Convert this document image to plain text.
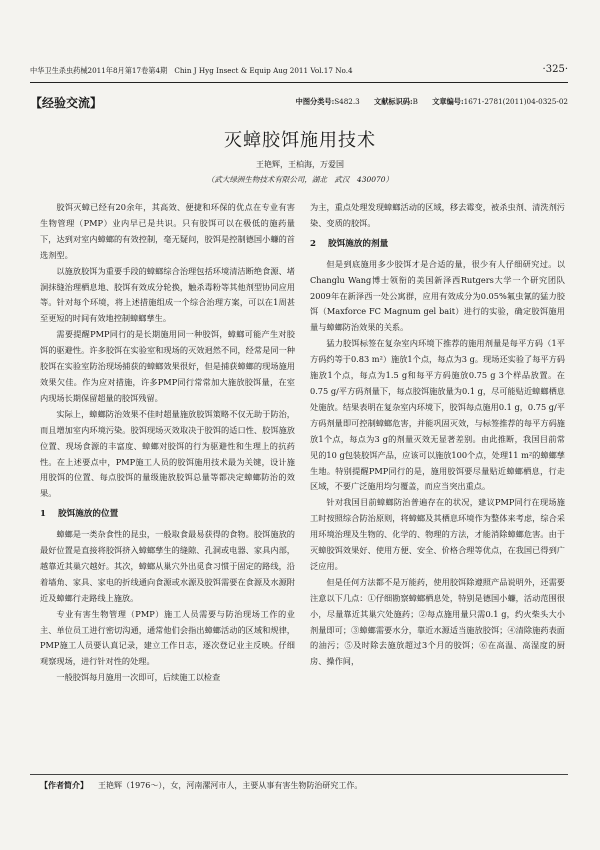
中华卫生杀虫药械2011年8月第17卷第4期　Chin J Hyg Insect & Equip Aug 2011 Vol.17 No.4	·325·
【经验交流】	中图分类号:S482.3 文献标识码:B 文章编号:1671-2781(2011)04-0325-02
灭蟑胶饵施用技术
王艳辉，王柏海，万爱国
（武大绿洲生物技术有限公司，湖北　武汉　430070）
胶饵灭蟑已经有20余年，其高效、便捷和环保的优点在专业有害生物管理（PMP）业内早已是共识。只有胶饵可以在极低的施药量下，达到对室内蟑螂的有效控制，毫无疑问，胶饵是控制德国小蠊的首选剂型。
以施放胶饵为重要手段的蟑螂综合治理包括环境清洁断绝食源、堵洞抹缝治理栖息地、胶饵有效成分轮换，触杀毒粉等其他剂型协同应用等。针对每个环境，将上述措施组成一个综合治理方案，可以在1周甚至更短的时间有效地控制蟑螂孳生。
需要提醒PMP同行的是长期施用同一种胶饵，蟑螂可能产生对胶饵的驱避性。许多胶饵在实验室和现场的灭效迥然不同，经常是同一种胶饵在实验室防治现场捕获的蟑螂效果很好，但是捕获蟑螂的现场施用效果欠佳。作为应对措施，许多PMP同行常常加大施放胶饵量，在室内现场长期保留超量的胶饵残留。
实际上，蟑螂防治效果不佳时超量施放胶饵策略不仅无助于防治，而且增加室内环境污染。胶饵现场灭效取决于胶饵的适口性、胶饵施放位置、现场食源的丰富度、蟑螂对胶饵的行为驱避性和生理上的抗药性。在上述要点中，PMP施工人员的胶饵施用技术最为关键，设计施用胶饵的位置、每点胶饵的量级施放胶饵总量等都决定蟑螂防治的效果。
1 胶饵施放的位置
蟑螂是一类杂食性的昆虫，一般取食最易获得的食物。胶饵施放的最好位置是直接将胶饵挤入蟑螂孳生的缝隙、孔洞或电器、家具内部，越靠近其巢穴越好。其次，蟑螂从巢穴外出觅食习惯于固定的路线，沿着墙角、家具、家电的折线通向食源或水源及胶饵需要在食源及水源附近及蟑螂行走路线上施放。
专业有害生物管理（PMP）施工人员需要与防治现场工作的业主、单位员工进行密切沟通，通常他们会指出蟑螂活动的区域和规律，PMP施工人员要认真记录，建立工作日志，逐次登记业主反映。仔细观察现场，进行针对性的处理。
一般胶饵每月施用一次即可，后续施工以检查
为主，重点处理发现蟑螂活动的区域，移去霉变，被杀虫剂、清洗剂污染、变质的胶饵。
2 胶饵施放的剂量
但是到底施用多少胶饵才是合适的量，很少有人仔细研究过。以Changlu Wang博士领衔的美国新泽西Rutgers大学一个研究团队2009年在新泽西一处公寓群，应用有效成分为0.05%氟虫氰的猛力胶饵（Maxforce FC Magnum gel bait）进行的实验，确定胶饵施用量与蟑螂防治效果的关系。
猛力胶饵标签在复杂室内环境下推荐的施用剂量是每平方码（1平方码约等于0.83 m²）施放1个点，每点为3 g。现场还实验了每平方码施放1个点，每点为1.5 g和每平方码施放0.75 g 3个样品放置。在0.75 g/平方码剂量下，每点胶饵施放量为0.1 g，尽可能贴近蟑螂栖息处施放。结果表明在复杂室内环境下，胶饵每点施用0.1 g，0.75 g/平方码剂量即可控制蟑螂危害，并能巩固灭效，与标签推荐的每平方码施放1个点，每点为3 g的剂量灭效无显著差别。由此推断，我国目前常见的10 g包装胶饵产品，应该可以施放100个点，处理11 m²的蟑螂孳生地。特别提醒PMP同行的是，施用胶饵要尽量贴近蟑螂栖息，行走区域，不要广泛施用均匀覆盖，而应当突出重点。
针对我国目前蟑螂防治普遍存在的状况，建议PMP同行在现场施工时按照综合防治原则，将蟑螂及其栖息环境作为整体来考虑，综合采用环境治理及生物的、化学的、物理的方法，才能消除蟑螂危害。由于灭蟑胶饵效果好、使用方便、安全、价格合理等优点，在我国已得到广泛应用。
但是任何方法都不是万能药，使用胶饵除遵照产品说明外，还需要注意以下几点：①仔细勘察蟑螂栖息处，特别是德国小蠊，活动范围很小，尽量靠近其巢穴处施药；②每点施用量只需0.1 g，约火柴头大小剂量即可；③蟑螂需要水分，靠近水源适当施放胶饵；④清除施药表面的油污；⑤及时除去施放超过3个月的胶饵；⑥在高温、高湿度的厨房、操作间，
【作者简介】 王艳辉（1976～），女，河南漯河市人，主要从事有害生物防治研究工作。
